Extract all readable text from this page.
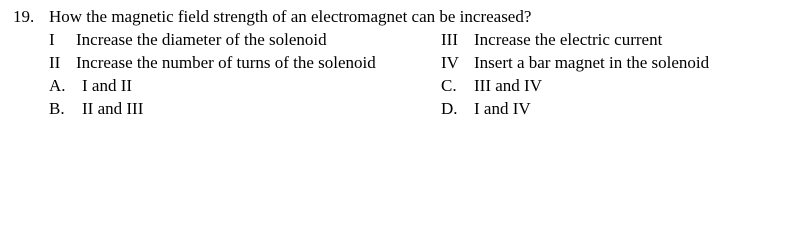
19. How the magnetic field strength of an electromagnet can be increased?
I Increase the diameter of the solenoid
II Increase the number of turns of the solenoid
III Increase the electric current
IV Insert a bar magnet in the solenoid
A. I and II
B. II and III
C. III and IV
D. I and IV
